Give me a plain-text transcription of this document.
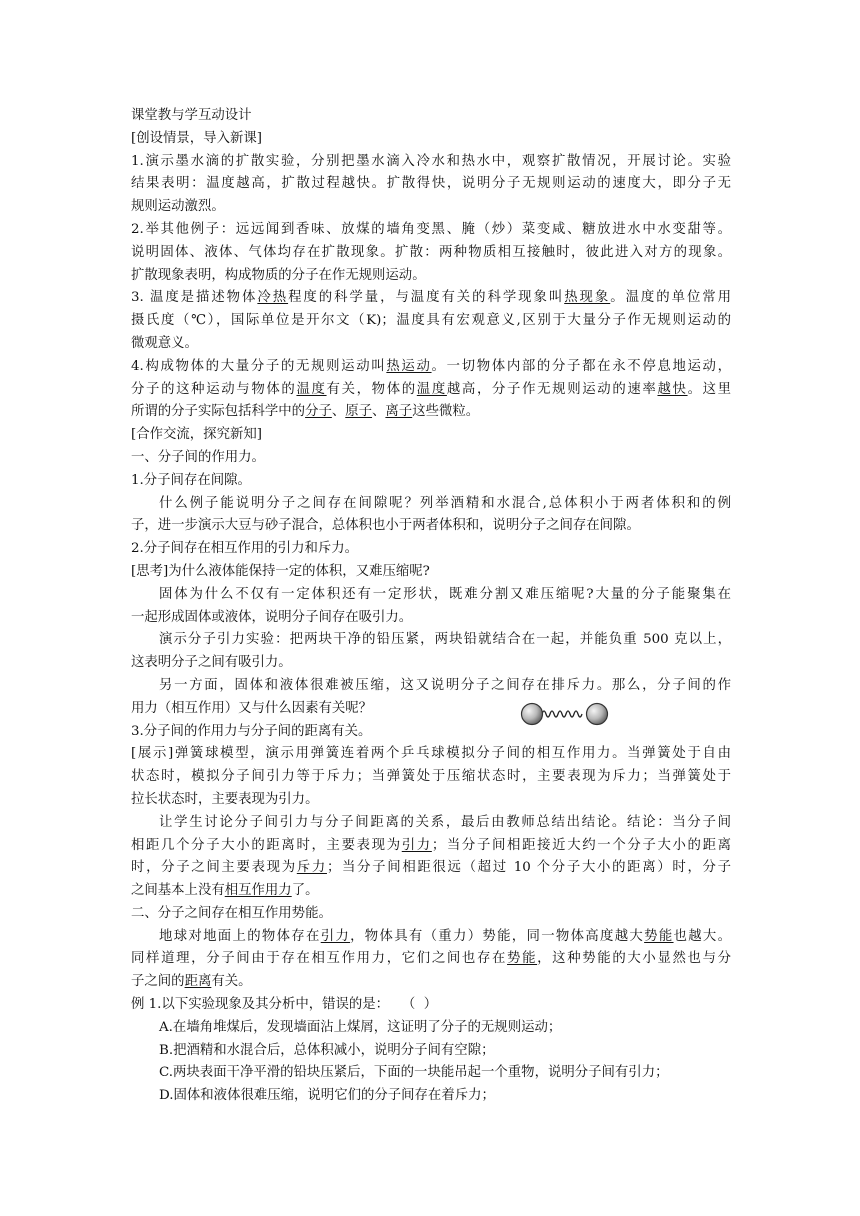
课堂教与学互动设计
[创设情景，导入新课]
1.演示墨水滴的扩散实验，分别把墨水滴入冷水和热水中，观察扩散情况，开展讨论。实验
结果表明：温度越高，扩散过程越快。扩散得快，说明分子无规则运动的速度大，即分子无
规则运动激烈。
2.举其他例子：远远闻到香味、放煤的墙角变黑、腌（炒）菜变咸、糖放进水中水变甜等。
说明固体、液体、气体均存在扩散现象。扩散：两种物质相互接触时，彼此进入对方的现象。
扩散现象表明，构成物质的分子在作无规则运动。
3. 温度是描述物体冷热程度的科学量，与温度有关的科学现象叫热现象。温度的单位常用
摄氏度（℃），国际单位是开尔文（K)；温度具有宏观意义,区别于大量分子作无规则运动的
微观意义。
4.构成物体的大量分子的无规则运动叫热运动。一切物体内部的分子都在永不停息地运动，
分子的这种运动与物体的温度有关，物体的温度越高，分子作无规则运动的速率越快。这里
所谓的分子实际包括科学中的分子、原子、离子这些微粒。
[合作交流，探究新知]
一、分子间的作用力。
1.分子间存在间隙。
什么例子能说明分子之间存在间隙呢？列举酒精和水混合,总体积小于两者体积和的例
子，进一步演示大豆与砂子混合，总体积也小于两者体积和，说明分子之间存在间隙。
2.分子间存在相互作用的引力和斥力。
[思考]为什么液体能保持一定的体积，又难压缩呢?
固体为什么不仅有一定体积还有一定形状，既难分割又难压缩呢?大量的分子能聚集在
一起形成固体或液体，说明分子间存在吸引力。
演示分子引力实验：把两块干净的铅压紧，两块铅就结合在一起，并能负重 500 克以上，
这表明分子之间有吸引力。
另一方面，固体和液体很难被压缩，这又说明分子之间存在排斥力。那么，分子间的作
用力（相互作用）又与什么因素有关呢？
3.分子间的作用力与分子间的距离有关。
[展示]弹簧球模型，演示用弹簧连着两个乒乓球模拟分子间的相互作用力。当弹簧处于自由
状态时，模拟分子间引力等于斥力；当弹簧处于压缩状态时，主要表现为斥力；当弹簧处于
拉长状态时，主要表现为引力。
让学生讨论分子间引力与分子间距离的关系，最后由教师总结出结论。结论：当分子间
相距几个分子大小的距离时，主要表现为引力；当分子间相距接近大约一个分子大小的距离
时，分子之间主要表现为斥力；当分子间相距很远（超过 10 个分子大小的距离）时，分子
之间基本上没有相互作用力了。
二、分子之间存在相互作用势能。
地球对地面上的物体存在引力，物体具有（重力）势能，同一物体高度越大势能也越大。
同样道理，分子间由于存在相互作用力，它们之间也存在势能，这种势能的大小显然也与分
子之间的距离有关。
例 1.以下实验现象及其分析中，错误的是：   （  ）
A.在墙角堆煤后，发现墙面沾上煤屑，这证明了分子的无规则运动；
B.把酒精和水混合后，总体积减小，说明分子间有空隙；
C.两块表面干净平滑的铅块压紧后，下面的一块能吊起一个重物，说明分子间有引力；
D.固体和液体很难压缩，说明它们的分子间存在着斥力；
